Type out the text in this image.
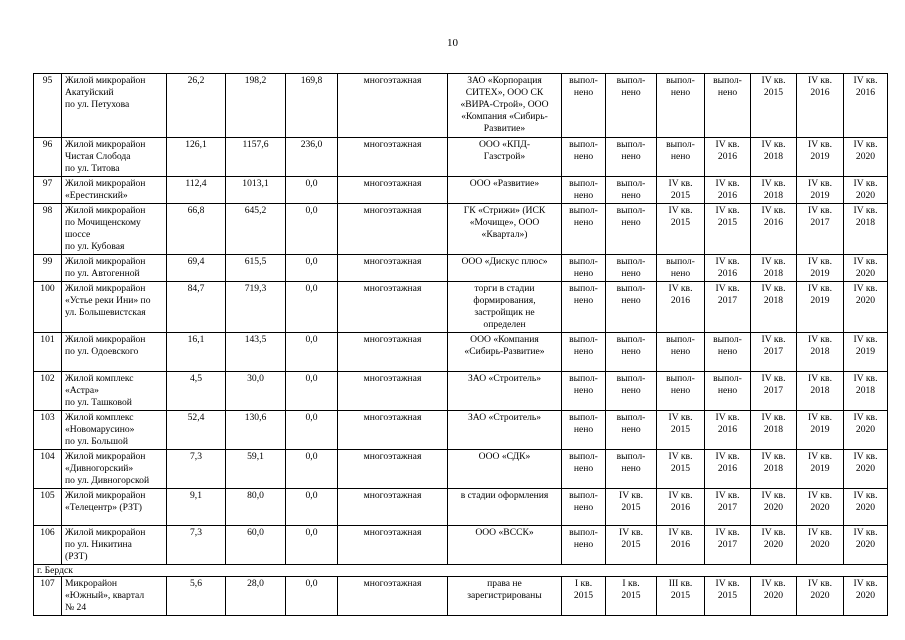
10
95	Жилой микрорайон
Акатуйский
по ул. Петухова	26,2	198,2	169,8	многоэтажная	ЗАО «Корпорация
СИТЕХ», ООО СК
«ВИРА-Строй», ООО
«Компания «Сибирь-
Развитие»	выпол-
нено	выпол-
нено	выпол-
нено	выпол-
нено	IV кв.
2015	IV кв.
2016	IV кв.
2016
96	Жилой микрорайон
Чистая Слобода
по ул. Титова	126,1	1157,6	236,0	многоэтажная	ООО «КПД-
Газстрой»	выпол-
нено	выпол-
нено	выпол-
нено	IV кв.
2016	IV кв.
2018	IV кв.
2019	IV кв.
2020
97	Жилой микрорайон
«Ерестинский»	112,4	1013,1	0,0	многоэтажная	ООО «Развитие»	выпол-
нено	выпол-
нено	IV кв.
2015	IV кв.
2016	IV кв.
2018	IV кв.
2019	IV кв.
2020
98	Жилой микрорайон
по Мочищенскому
шоссе
по ул. Кубовая	66,8	645,2	0,0	многоэтажная	ГК «Стрижи» (ИСК
«Мочище», ООО
«Квартал»)	выпол-
нено	выпол-
нено	IV кв.
2015	IV кв.
2015	IV кв.
2016	IV кв.
2017	IV кв.
2018
99	Жилой микрорайон
по ул. Автогенной	69,4	615,5	0,0	многоэтажная	ООО «Дискус плюс»	выпол-
нено	выпол-
нено	выпол-
нено	IV кв.
2016	IV кв.
2018	IV кв.
2019	IV кв.
2020
100	Жилой микрорайон
«Устье реки Ини» по
ул. Большевистская	84,7	719,3	0,0	многоэтажная	торги в стадии
формирования,
застройщик не
определен	выпол-
нено	выпол-
нено	IV кв.
2016	IV кв.
2017	IV кв.
2018	IV кв.
2019	IV кв.
2020
101	Жилой микрорайон
по ул. Одоевского	16,1	143,5	0,0	многоэтажная	ООО «Компания
«Сибирь-Развитие»	выпол-
нено	выпол-
нено	выпол-
нено	выпол-
нено	IV кв.
2017	IV кв.
2018	IV кв.
2019
102	Жилой комплекс
«Астра»
по ул. Ташковой	4,5	30,0	0,0	многоэтажная	ЗАО «Строитель»	выпол-
нено	выпол-
нено	выпол-
нено	выпол-
нено	IV кв.
2017	IV кв.
2018	IV кв.
2018
103	Жилой комплекс
«Новомарусино»
по ул. Большой	52,4	130,6	0,0	многоэтажная	ЗАО «Строитель»	выпол-
нено	выпол-
нено	IV кв.
2015	IV кв.
2016	IV кв.
2018	IV кв.
2019	IV кв.
2020
104	Жилой микрорайон
«Дивногорский»
по ул. Дивногорской	7,3	59,1	0,0	многоэтажная	ООО «СДК»	выпол-
нено	выпол-
нено	IV кв.
2015	IV кв.
2016	IV кв.
2018	IV кв.
2019	IV кв.
2020
105	Жилой микрорайон
«Телецентр» (РЗТ)	9,1	80,0	0,0	многоэтажная	в стадии оформления	выпол-
нено	IV кв.
2015	IV кв.
2016	IV кв.
2017	IV кв.
2020	IV кв.
2020	IV кв.
2020
106	Жилой микрорайон
по ул. Никитина
(РЗТ)	7,3	60,0	0,0	многоэтажная	ООО «ВССК»	выпол-
нено	IV кв.
2015	IV кв.
2016	IV кв.
2017	IV кв.
2020	IV кв.
2020	IV кв.
2020
г. Бердск													
107	Микрорайон
«Южный», квартал
№ 24	5,6	28,0	0,0	многоэтажная	права не
зарегистрированы	I кв.
2015	I кв.
2015	III кв.
2015	IV кв.
2015	IV кв.
2020	IV кв.
2020	IV кв.
2020
